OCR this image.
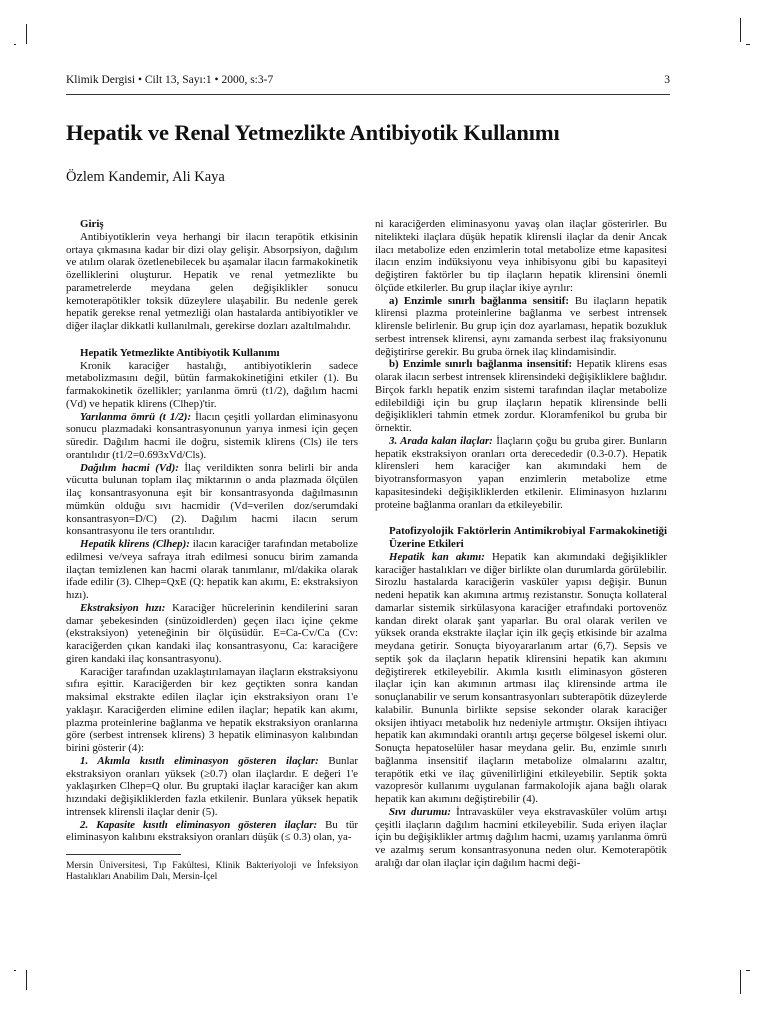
Klimik Dergisi • Cilt 13, Sayı:1 • 2000, s:3-7	3
Hepatik ve Renal Yetmezlikte Antibiyotik Kullanımı
Özlem Kandemir, Ali Kaya
Giriş

Antibiyotiklerin veya herhangi bir ilacın terapötik etkisinin ortaya çıkmasına kadar bir dizi olay gelişir. Absorpsiyon, dağılım ve atılım olarak özetlenebilecek bu aşamalar ilacın farmakokinetik özelliklerini oluşturur. Hepatik ve renal yetmezlikte bu parametrelerde meydana gelen değişiklikler sonucu kemoterapötikler toksik düzeylere ulaşabilir. Bu nedenle gerek hepatik gerekse renal yetmezliği olan hastalarda antibiyotikler ve diğer ilaçlar dikkatli kullanılmalı, gerekirse dozları azaltılmalıdır.

Hepatik Yetmezlikte Antibiyotik Kullanımı

Kronik karaciğer hastalığı, antibiyotiklerin sadece metabolizmasını değil, bütün farmakokinetiğini etkiler (1). Bu farmakokinetik özellikler; yarılanma ömrü (t1/2), dağılım hacmi (Vd) ve hepatik klirens (Clhep)'tir.

Yarılanma ömrü (t 1/2): İlacın çeşitli yollardan eliminasyonu sonucu plazmadaki konsantrasyonunun yarıya inmesi için geçen süredir. Dağılım hacmi ile doğru, sistemik klirens (Cls) ile ters orantılıdır (t1/2=0.693xVd/Cls).

Dağılım hacmi (Vd): İlaç verildikten sonra belirli bir anda vücutta bulunan toplam ilaç miktarının o anda plazmada ölçülen ilaç konsantrasyonuna eşit bir konsantrasyonda dağılmasının mümkün olduğu sıvı hacmidir (Vd=verilen doz/serumdaki konsantrasyon=D/C) (2). Dağılım hacmi ilacın serum konsantrasyonu ile ters orantılıdır.

Hepatik klirens (Clhep): ilacın karaciğer tarafından metabolize edilmesi ve/veya safraya itrah edilmesi sonucu birim zamanda ilaçtan temizlenen kan hacmi olarak tanımlanır, ml/dakika olarak ifade edilir (3). Clhep=QxE (Q: hepatik kan akımı, E: ekstraksiyon hızı).

Ekstraksiyon hızı: Karaciğer hücrelerinin kendilerini saran damar şebekesinden (sinüzoidlerden) geçen ilacı içine çekme (ekstraksiyon) yeteneğinin bir ölçüsüdür. E=Ca-Cv/Ca (Cv: karaciğerden çıkan kandaki ilaç konsantrasyonu, Ca: karaciğere giren kandaki ilaç konsantrasyonu).

Karaciğer tarafından uzaklaştırılamayan ilaçların ekstraksiyonu sıfıra eşittir. Karaciğerden bir kez geçtikten sonra kandan maksimal ekstrakte edilen ilaçlar için ekstraksiyon oranı 1'e yaklaşır. Karaciğerden elimine edilen ilaçlar; hepatik kan akımı, plazma proteinlerine bağlanma ve hepatik ekstraksiyon oranlarına göre (serbest intrensek klirens) 3 hepatik eliminasyon kalıbından birini gösterir (4):

1. Akımla kısıtlı eliminasyon gösteren ilaçlar: Bunlar ekstraksiyon oranları yüksek (≥0.7) olan ilaçlardır. E değeri 1'e yaklaşırken Clhep=Q olur. Bu gruptaki ilaçlar karaciğer kan akım hızındaki değişikliklerden fazla etkilenir. Bunlara yüksek hepatik intrensek klirensli ilaçlar denir (5).

2. Kapasite kısıtlı eliminasyon gösteren ilaçlar: Bu tür eliminasyon kalıbını ekstraksiyon oranları düşük (≤ 0.3) olan, ya-

Mersin Üniversitesi, Tıp Fakültesi, Klinik Bakteriyoloji ve İnfeksiyon Hastalıkları Anabilim Dalı, Mersin-İçel

ni karaciğerden eliminasyonu yavaş olan ilaçlar gösterirler. Bu nitelikteki ilaçlara düşük hepatik klirensli ilaçlar da denir Ancak ilacı metabolize eden enzimlerin total metabolize etme kapasitesi ilacın enzim indüksiyonu veya inhibisyonu gibi bu kapasiteyi değiştiren faktörler bu tip ilaçların hepatik klirensini önemli ölçüde etkilerler. Bu grup ilaçlar ikiye ayrılır:

a) Enzimle sınırlı bağlanma sensitif: Bu ilaçların hepatik klirensi plazma proteinlerine bağlanma ve serbest intrensek klirensle belirlenir. Bu grup için doz ayarlaması, hepatik bozukluk serbest intrensek klirensi, aynı zamanda serbest ilaç fraksiyonunu değiştirirse gerekir. Bu gruba örnek ilaç klindamisindir.

b) Enzimle sınırlı bağlanma insensitif: Hepatik klirens esas olarak ilacın serbest intrensek klirensindeki değişikliklere bağlıdır. Birçok farklı hepatik enzim sistemi tarafından ilaçlar metabolize edilebildiği için bu grup ilaçların hepatik klirensinde belli değişiklikleri tahmin etmek zordur. Kloramfenikol bu gruba bir örnektir.

3. Arada kalan ilaçlar: İlaçların çoğu bu gruba girer. Bunların hepatik ekstraksiyon oranları orta derecededir (0.3-0.7). Hepatik klirensleri hem karaciğer kan akımındaki hem de biyotransformasyon yapan enzimlerin metabolize etme kapasitesindeki değişikliklerden etkilenir. Eliminasyon hızlarını proteine bağlanma oranları da etkileyebilir.

Patofizyolojik Faktörlerin Antimikrobiyal Farmakokinetiği Üzerine Etkileri

Hepatik kan akımı: Hepatik kan akımındaki değişiklikler karaciğer hastalıkları ve diğer birlikte olan durumlarda görülebilir. Sirozlu hastalarda karaciğerin vasküler yapısı değişir. Bunun nedeni hepatik kan akımına artmış rezistanstır. Sonuçta kollateral damarlar sistemik sirkülasyona karaciğer etrafındaki portovenöz kandan direkt olarak şant yaparlar. Bu oral olarak verilen ve yüksek oranda ekstrakte ilaçlar için ilk geçiş etkisinde bir azalma meydana getirir. Sonuçta biyoyararlanım artar (6,7). Sepsis ve septik şok da ilaçların hepatik klirensini hepatik kan akımını değiştirerek etkileyebilir. Akımla kısıtlı eliminasyon gösteren ilaçlar için kan akımının artması ilaç klirensinde artma ile sonuçlanabilir ve serum konsantrasyonları subterapötik düzeylerde kalabilir. Bununla birlikte sepsise sekonder olarak karaciğer oksijen ihtiyacı metabolik hız nedeniyle artmıştır. Oksijen ihtiyacı hepatik kan akımındaki orantılı artışı geçerse bölgesel iskemi olur. Sonuçta hepatoselüler hasar meydana gelir. Bu, enzimle sınırlı bağlanma insensitif ilaçların metabolize olmalarını azaltır, terapötik etki ve ilaç güvenilirliğini etkileyebilir. Septik şokta vazopresör kullanımı uygulanan farmakolojik ajana bağlı olarak hepatik kan akımını değiştirebilir (4).

Sıvı durumu: İntravasküler veya ekstravasküler volüm artışı çeşitli ilaçların dağılım hacmini etkileyebilir. Suda eriyen ilaçlar için bu değişiklikler artmış dağılım hacmi, uzamış yarılanma ömrü ve azalmış serum konsantrasyonuna neden olur. Kemoterapötik aralığı dar olan ilaçlar için dağılım hacmi deği-
